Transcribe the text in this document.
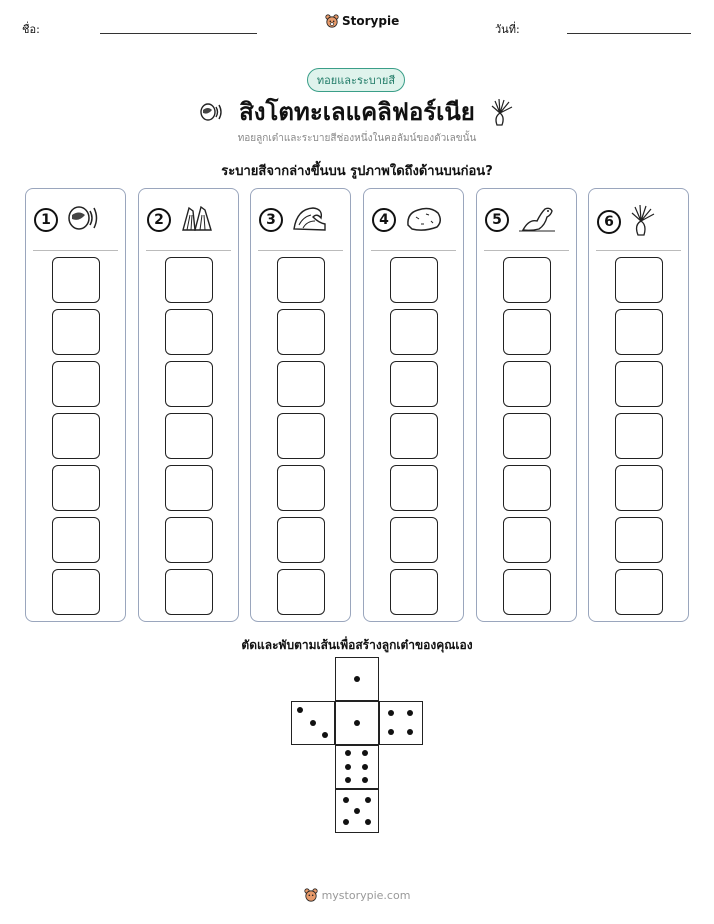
ชื่อ:
Storypie
วันที่:
ทอยและระบายสี
สิงโตทะเลแคลิฟอร์เนีย
ทอยลูกเต๋าและระบายสีช่องหนึ่งในคอลัมน์ของตัวเลขนั้น
ระบายสีจากล่างขึ้นบน รูปภาพใดถึงด้านบนก่อน?
1	2	3	4	5	6
ตัดและพับตามเส้นเพื่อสร้างลูกเต๋าของคุณเอง
mystorypie.com
